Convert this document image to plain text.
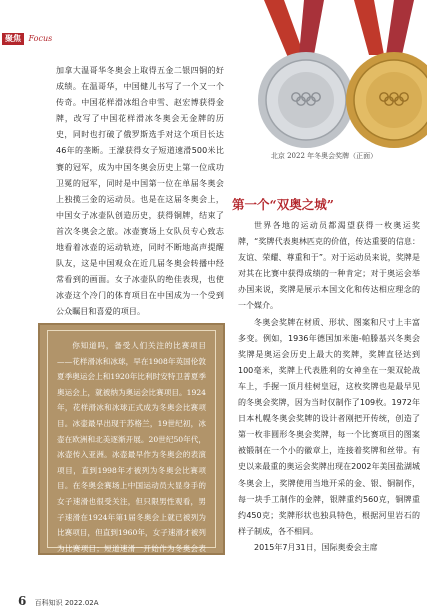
聚焦 Focus

加拿大温哥华冬奥会上取得五金二银四铜的好成绩。在温哥华，中国健儿书写了一个又一个传奇。中国花样滑冰组合申雪、赵宏博获得金牌，改写了中国花样滑冰冬奥会无金牌的历史，同时也打破了俄罗斯选手对这个项目长达46年的垄断。王濛获得女子短道速滑500米比赛的冠军，成为中国冬奥会历史上第一位成功卫冕的冠军，同时是中国第一位在单届冬奥会上独揽三金的运动员。也是在这届冬奥会上，中国女子冰壶队创造历史，获得铜牌，结束了首次冬奥会之旅。冰壶赛场上女队员专心致志地看着冰壶的运动轨迹，同时不断地高声提醒队友，这是中国观众在近几届冬奥会转播中经常看到的画面。女子冰壶队的绝佳表现，也使冰壶这个冷门的体育项目在中国成为一个受到公众瞩目和喜爱的项目。

你知道吗，备受人们关注的比赛项目——花样滑冰和冰球，早在1908年英国伦敦夏季奥运会上和1920年比利时安特卫普夏季奥运会上，就被纳为奥运会比赛项目。1924年，花样滑冰和冰球正式成为冬奥会比赛项目。冰壶最早出现于苏格兰，19世纪初，冰壶在欧洲和北美逐渐开展。20世纪50年代，冰壶传入亚洲。冰壶最早作为冬奥会的表演项目，直到1998年才被列为冬奥会比赛项目。在冬奥会赛场上中国运动员大显身手的女子速滑也很受关注，但只限男性观看，男子速滑在1924年第1届冬奥会上就已被列为比赛项目，但直到1960年，女子速滑才被列为比赛项目；短道速滑一开始作为冬奥会表演项目，1992年才被列为正式比赛项目。

北京 2022 年冬奥会奖牌（正面）
第一个“双奥之城”

世界各地的运动员都渴望获得一枚奥运奖牌，“奖牌代表奥林匹克的价值，传达重要的信息：友谊、荣耀、尊重和于”。对于运动员来说，奖牌是对其在比赛中获得成绩的一种肯定；对于奥运会举办国来说，奖牌是展示本国文化和传达相应理念的一个媒介。

冬奥会奖牌在材质、形状、图案和尺寸上丰富多变。例如，1936年德国加米施-帕滕基兴冬奥会奖牌是奥运会历史上最大的奖牌，奖牌直径达到100毫米，奖牌上代表胜利的女神坐在一架双轮战车上，手握一顶月桂树皇冠，这枚奖牌也是最早见的冬奥会奖牌，因为当时仅制作了109枚。1972年日本札幌冬奥会奖牌的设计者刚把开传统，创造了第一枚非圆形冬奥会奖牌，每一个比赛项目的图案被锻制在一个小的徽章上，连接着奖牌和丝带。有史以来最重的奥运会奖牌出现在2002年美国盐湖城冬奥会上，奖牌使用当地开采的金、银、铜制作，每一块手工制作的金牌，银牌重约560克，铜牌重约450克；奖牌形状也独具特色，根据河里岩石的样子制成，各不相同。

2015年7月31日，国际奥委会主席

6 百科知识 2022.02A
